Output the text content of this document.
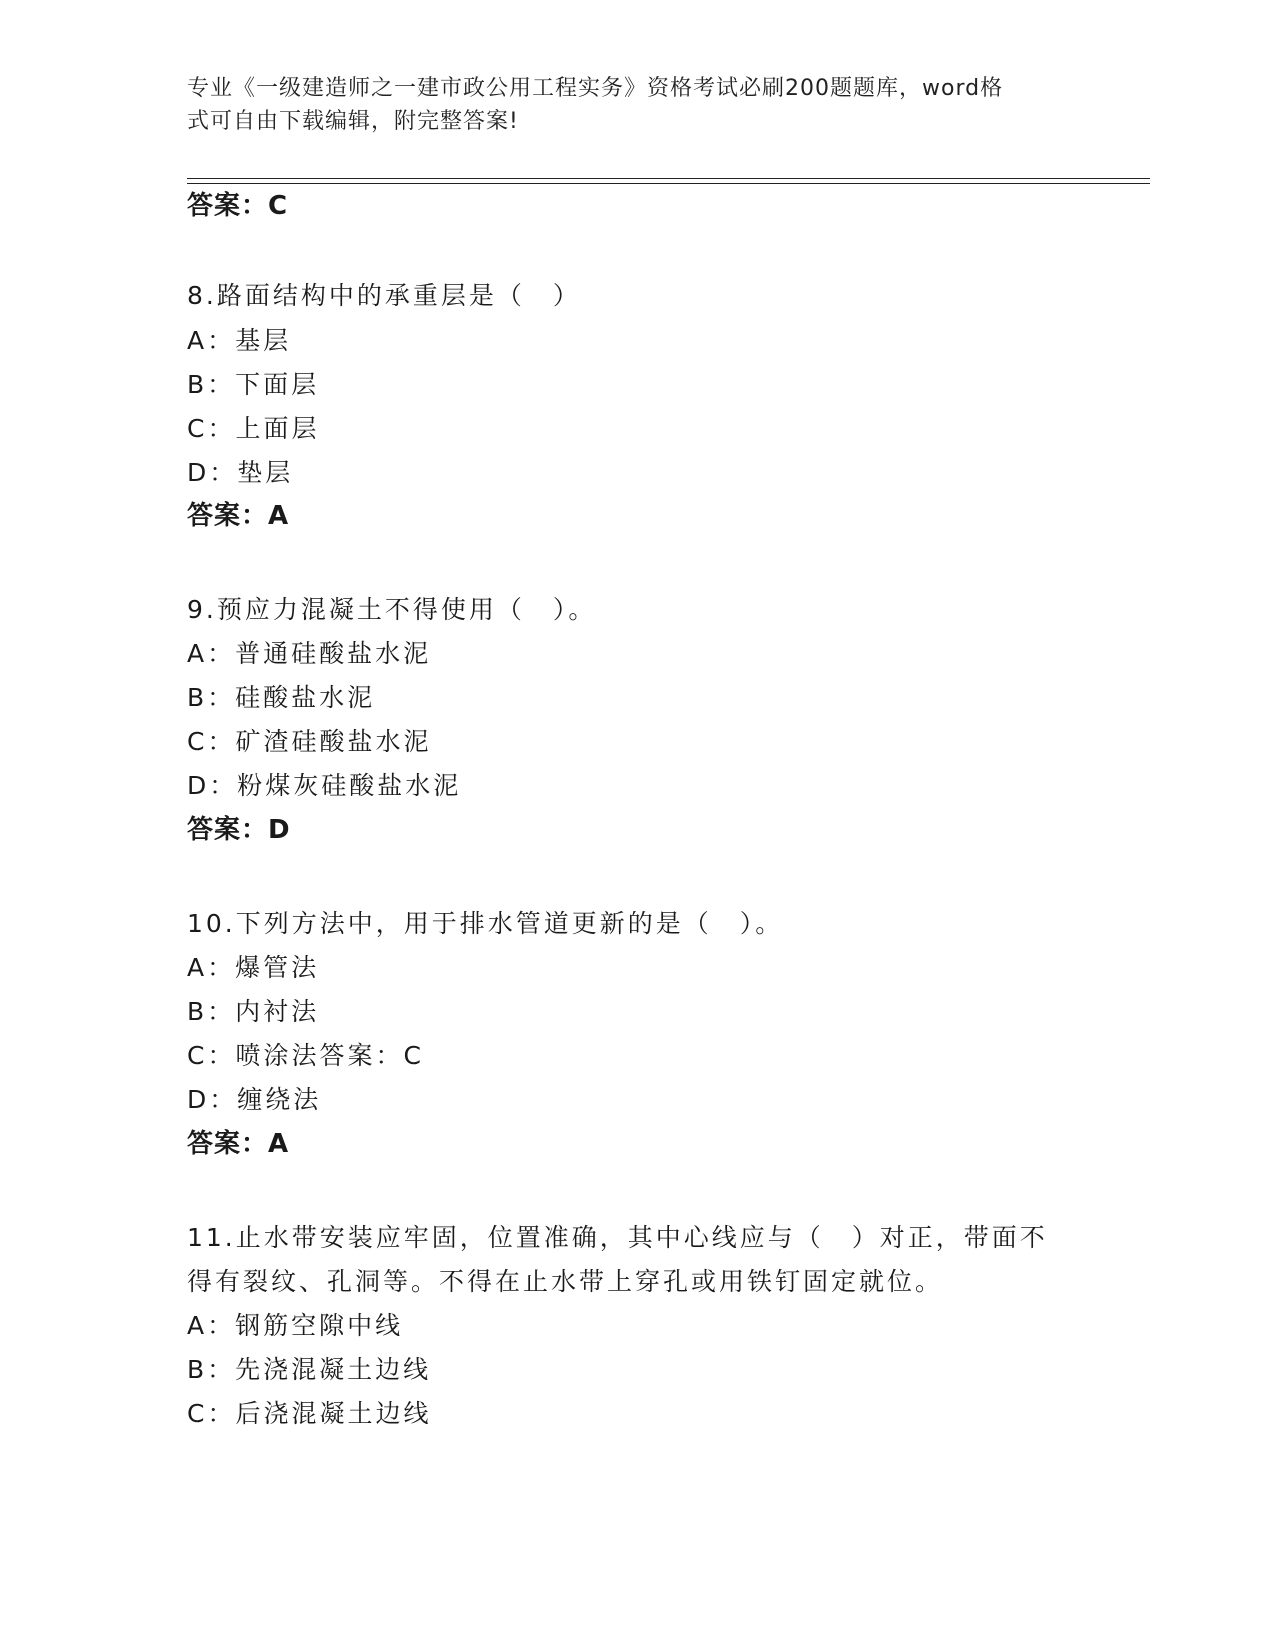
专业《一级建造师之一建市政公用工程实务》资格考试必刷200题题库，word格
式可自由下载编辑，附完整答案!
答案：C
8.路面结构中的承重层是（　）
A：基层
B：下面层
C：上面层
D：垫层
答案：A
9.预应力混凝土不得使用（　）。
A：普通硅酸盐水泥
B：硅酸盐水泥
C：矿渣硅酸盐水泥
D：粉煤灰硅酸盐水泥
答案：D
10.下列方法中，用于排水管道更新的是（　）。
A：爆管法
B：内衬法
C：喷涂法答案：C
D：缠绕法
答案：A
11.止水带安装应牢固，位置准确，其中心线应与（　）对正，带面不
得有裂纹、孔洞等。不得在止水带上穿孔或用铁钉固定就位。
A：钢筋空隙中线
B：先浇混凝土边线
C：后浇混凝土边线
